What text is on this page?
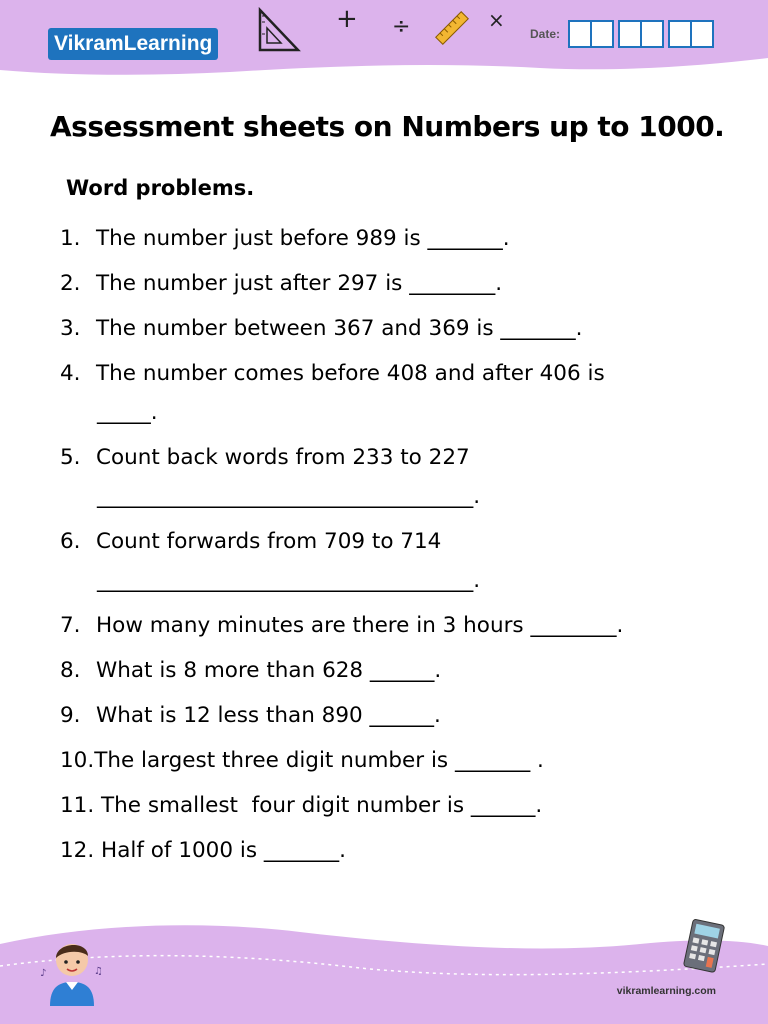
Vikram Learning
+ ÷	×
Date:
Assessment sheets on Numbers up to 1000.
Word problems.
1. The number just before 989 is _______.
2. The number just after 297 is ________.
3. The number between 367 and 369 is _______.
4. The number comes before 408 and after 406 is
_____.
5. Count back words from 233 to 227
___________________________________.
6. Count forwards from 709 to 714
___________________________________.
7. How many minutes are there in 3 hours ________.
8. What is 8 more than 628 ______.
9. What is 12 less than 890 ______.
10.The largest three digit number is _______ .
11. The smallest  four digit number is ______.
12. Half of 1000 is _______.
♪	♫
vikramlearning.com
